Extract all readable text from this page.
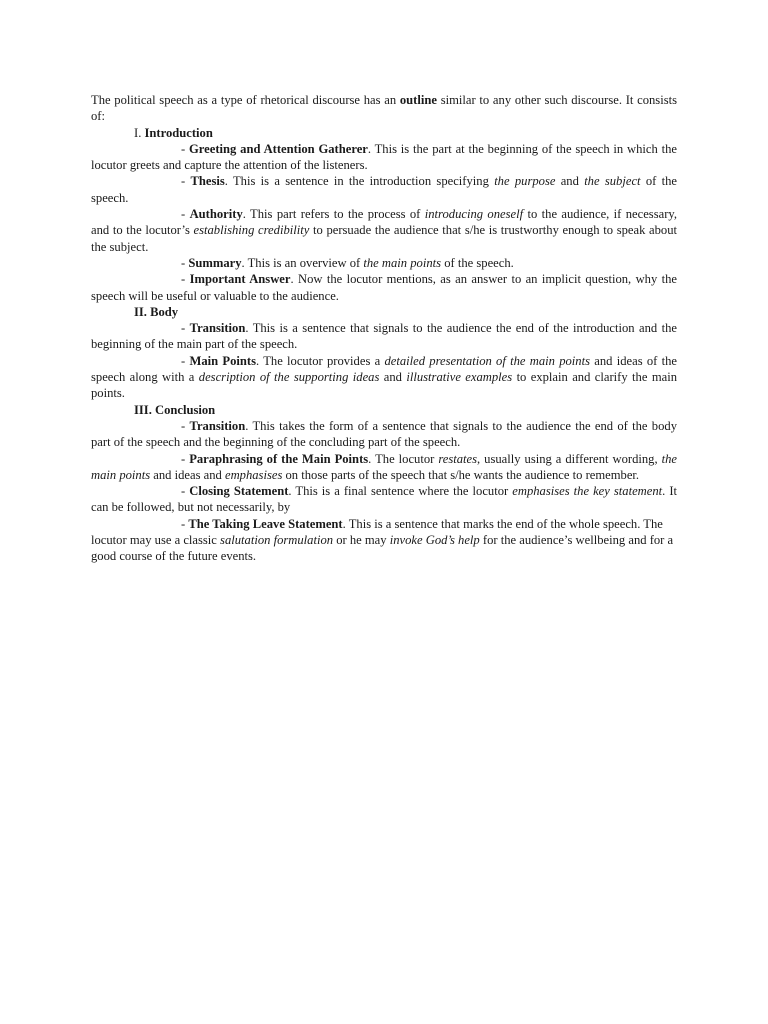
The political speech as a type of rhetorical discourse has an outline similar to any other such discourse. It consists of:

I. Introduction

- Greeting and Attention Gatherer. This is the part at the beginning of the speech in which the locutor greets and capture the attention of the listeners.

- Thesis. This is a sentence in the introduction specifying the purpose and the subject of the speech.

- Authority. This part refers to the process of introducing oneself to the audience, if necessary, and to the locutor’s establishing credibility to persuade the audience that s/he is trustworthy enough to speak about the subject.

- Summary. This is an overview of the main points of the speech.

- Important Answer. Now the locutor mentions, as an answer to an implicit question, why the speech will be useful or valuable to the audience.

II. Body

- Transition. This is a sentence that signals to the audience the end of the introduction and the beginning of the main part of the speech.

- Main Points. The locutor provides a detailed presentation of the main points and ideas of the speech along with a description of the supporting ideas and illustrative examples to explain and clarify the main points.

III. Conclusion

- Transition. This takes the form of a sentence that signals to the audience the end of the body part of the speech and the beginning of the concluding part of the speech.

- Paraphrasing of the Main Points. The locutor restates, usually using a different wording, the main points and ideas and emphasises on those parts of the speech that s/he wants the audience to remember.

- Closing Statement. This is a final sentence where the locutor emphasises the key statement. It can be followed, but not necessarily, by

- The Taking Leave Statement. This is a sentence that marks the end of the whole speech. The locutor may use a classic salutation formulation or he may invoke God’s help for the audience’s wellbeing and for a good course of the future events.
